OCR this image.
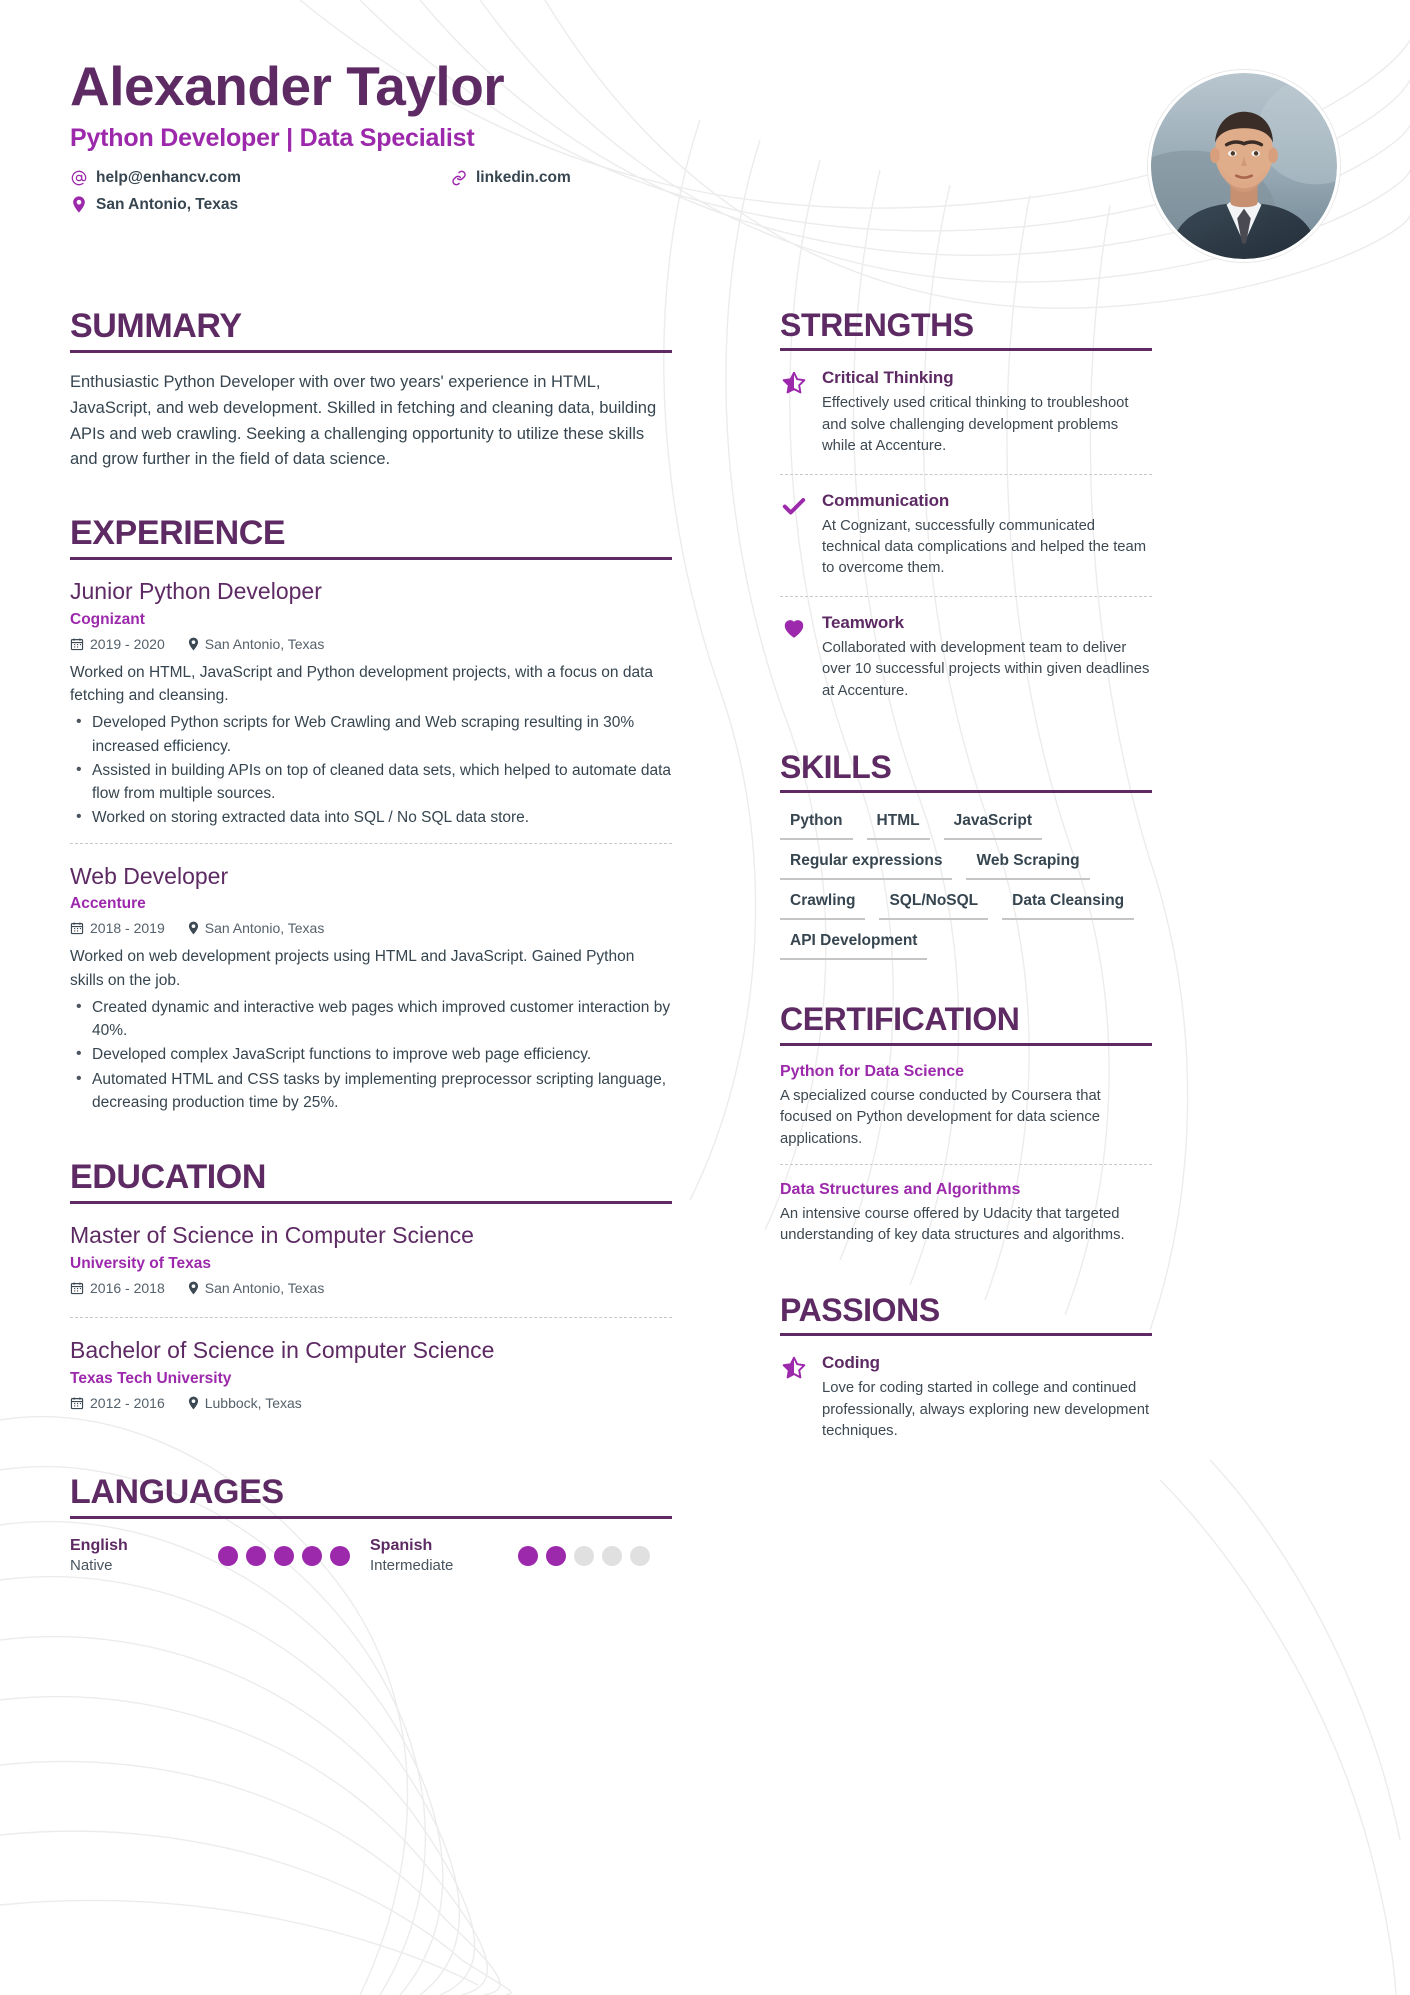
Alexander Taylor
Python Developer | Data Specialist
help@enhancv.com	linkedin.com
San Antonio, Texas
SUMMARY
Enthusiastic Python Developer with over two years' experience in HTML, JavaScript, and web development. Skilled in fetching and cleaning data, building APIs and web crawling. Seeking a challenging opportunity to utilize these skills and grow further in the field of data science.
EXPERIENCE
Junior Python Developer
Cognizant
2019 - 2020	San Antonio, Texas
Worked on HTML, JavaScript and Python development projects, with a focus on data fetching and cleansing.
• Developed Python scripts for Web Crawling and Web scraping resulting in 30% increased efficiency.
• Assisted in building APIs on top of cleaned data sets, which helped to automate data flow from multiple sources.
• Worked on storing extracted data into SQL / No SQL data store.
Web Developer
Accenture
2018 - 2019	San Antonio, Texas
Worked on web development projects using HTML and JavaScript. Gained Python skills on the job.
• Created dynamic and interactive web pages which improved customer interaction by 40%.
• Developed complex JavaScript functions to improve web page efficiency.
• Automated HTML and CSS tasks by implementing preprocessor scripting language, decreasing production time by 25%.
EDUCATION
Master of Science in Computer Science
University of Texas
2016 - 2018	San Antonio, Texas
Bachelor of Science in Computer Science
Texas Tech University
2012 - 2016	Lubbock, Texas
LANGUAGES
English
Native
Spanish
Intermediate
STRENGTHS
Critical Thinking
Effectively used critical thinking to troubleshoot and solve challenging development problems while at Accenture.
Communication
At Cognizant, successfully communicated technical data complications and helped the team to overcome them.
Teamwork
Collaborated with development team to deliver over 10 successful projects within given deadlines at Accenture.
SKILLS
Python	HTML	JavaScript
Regular expressions	Web Scraping
Crawling	SQL/NoSQL	Data Cleansing
API Development
CERTIFICATION
Python for Data Science
A specialized course conducted by Coursera that focused on Python development for data science applications.
Data Structures and Algorithms
An intensive course offered by Udacity that targeted understanding of key data structures and algorithms.
PASSIONS
Coding
Love for coding started in college and continued professionally, always exploring new development techniques.
